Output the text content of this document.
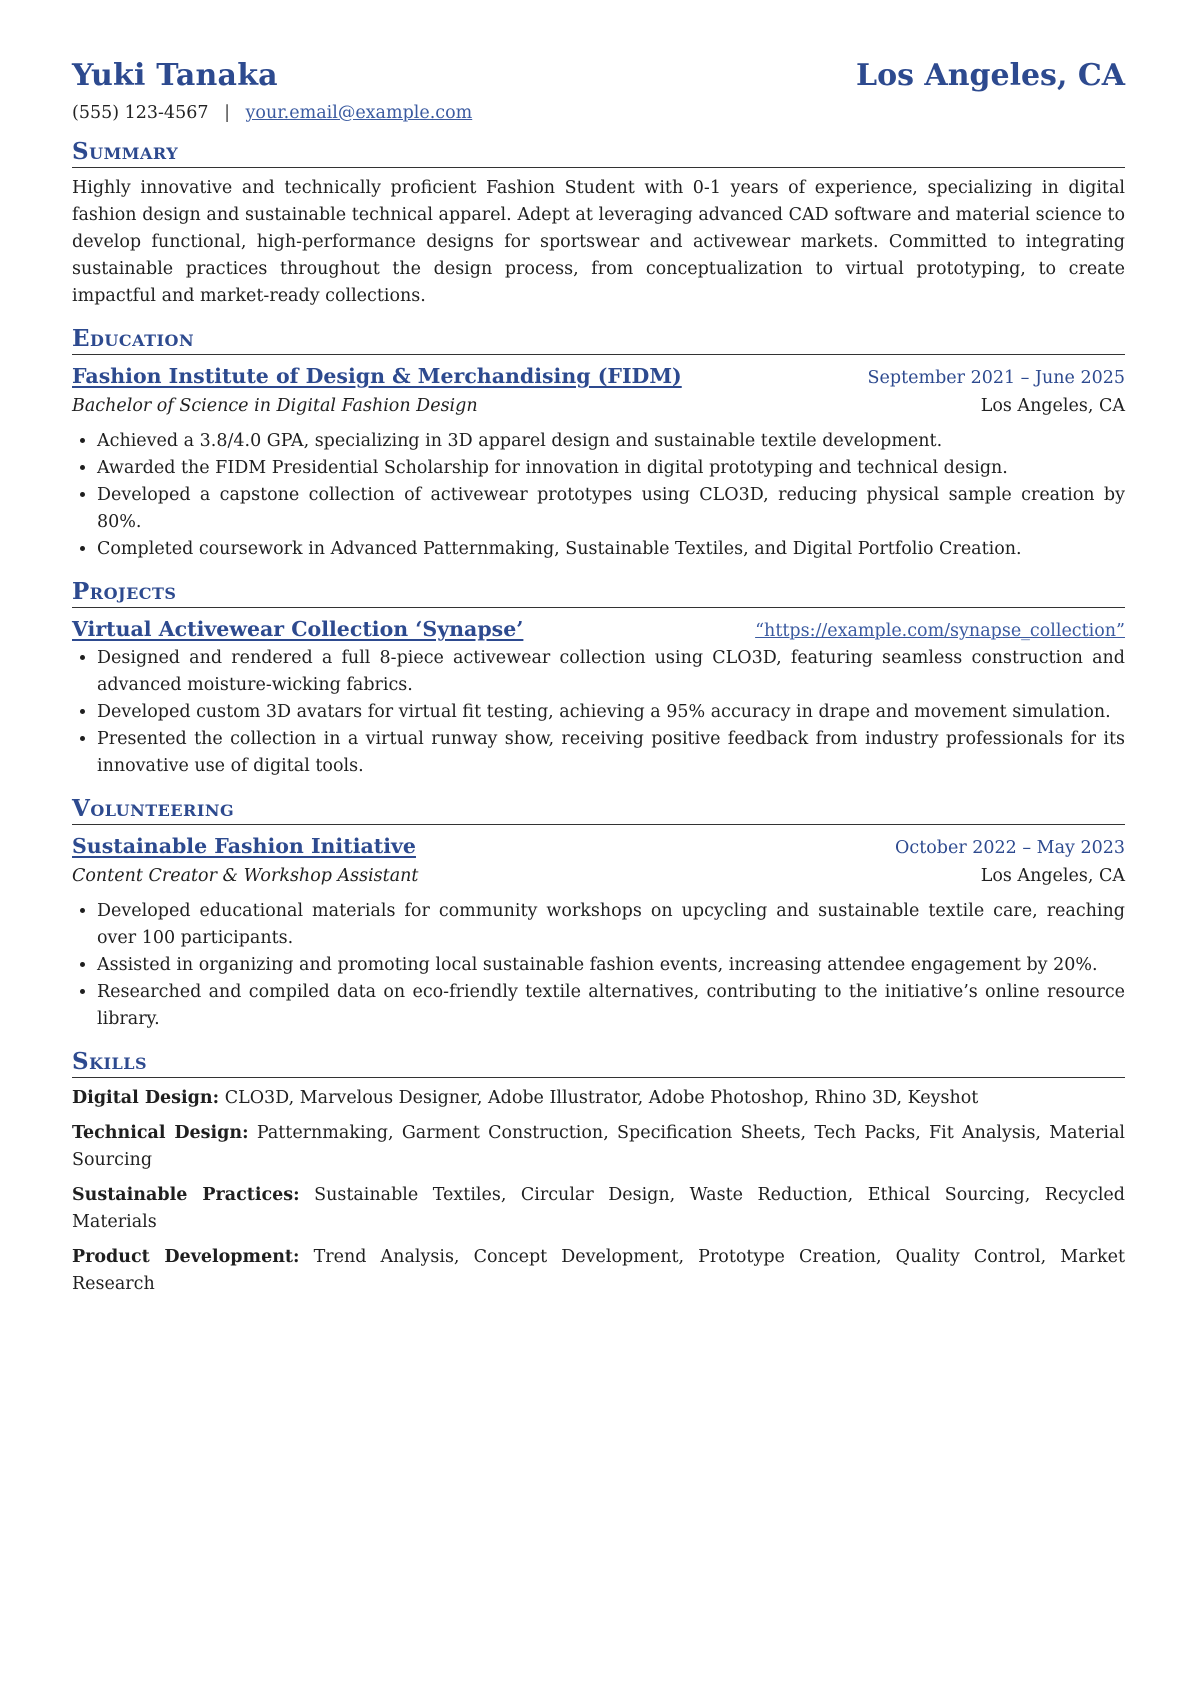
Yuki Tanaka	Los Angeles, CA
(555) 123-4567 | your.email@example.com
Summary
Highly innovative and technically proficient Fashion Student with 0-1 years of experience, specializing in digital fashion design and sustainable technical apparel. Adept at leveraging advanced CAD software and material science to develop functional, high-performance designs for sportswear and activewear markets. Committed to integrating sustainable practices throughout the design process, from conceptualization to virtual prototyping, to create impactful and market-ready collections.
Education
Fashion Institute of Design & Merchandising (FIDM)	September 2021 – June 2025
Bachelor of Science in Digital Fashion Design	Los Angeles, CA
• Achieved a 3.8/4.0 GPA, specializing in 3D apparel design and sustainable textile development.
• Awarded the FIDM Presidential Scholarship for innovation in digital prototyping and technical design.
• Developed a capstone collection of activewear prototypes using CLO3D, reducing physical sample creation by 80%.
• Completed coursework in Advanced Patternmaking, Sustainable Textiles, and Digital Portfolio Creation.
Projects
Virtual Activewear Collection ‘Synapse’	“https://example.com/synapse_collection”
• Designed and rendered a full 8-piece activewear collection using CLO3D, featuring seamless construction and advanced moisture-wicking fabrics.
• Developed custom 3D avatars for virtual fit testing, achieving a 95% accuracy in drape and movement simulation.
• Presented the collection in a virtual runway show, receiving positive feedback from industry professionals for its innovative use of digital tools.
Volunteering
Sustainable Fashion Initiative	October 2022 – May 2023
Content Creator & Workshop Assistant	Los Angeles, CA
• Developed educational materials for community workshops on upcycling and sustainable textile care, reaching over 100 participants.
• Assisted in organizing and promoting local sustainable fashion events, increasing attendee engagement by 20%.
• Researched and compiled data on eco-friendly textile alternatives, contributing to the initiative’s online resource library.
Skills
Digital Design: CLO3D, Marvelous Designer, Adobe Illustrator, Adobe Photoshop, Rhino 3D, Keyshot
Technical Design: Patternmaking, Garment Construction, Specification Sheets, Tech Packs, Fit Analysis, Material Sourcing
Sustainable Practices: Sustainable Textiles, Circular Design, Waste Reduction, Ethical Sourcing, Recycled Materials
Product Development: Trend Analysis, Concept Development, Prototype Creation, Quality Control, Market Research
